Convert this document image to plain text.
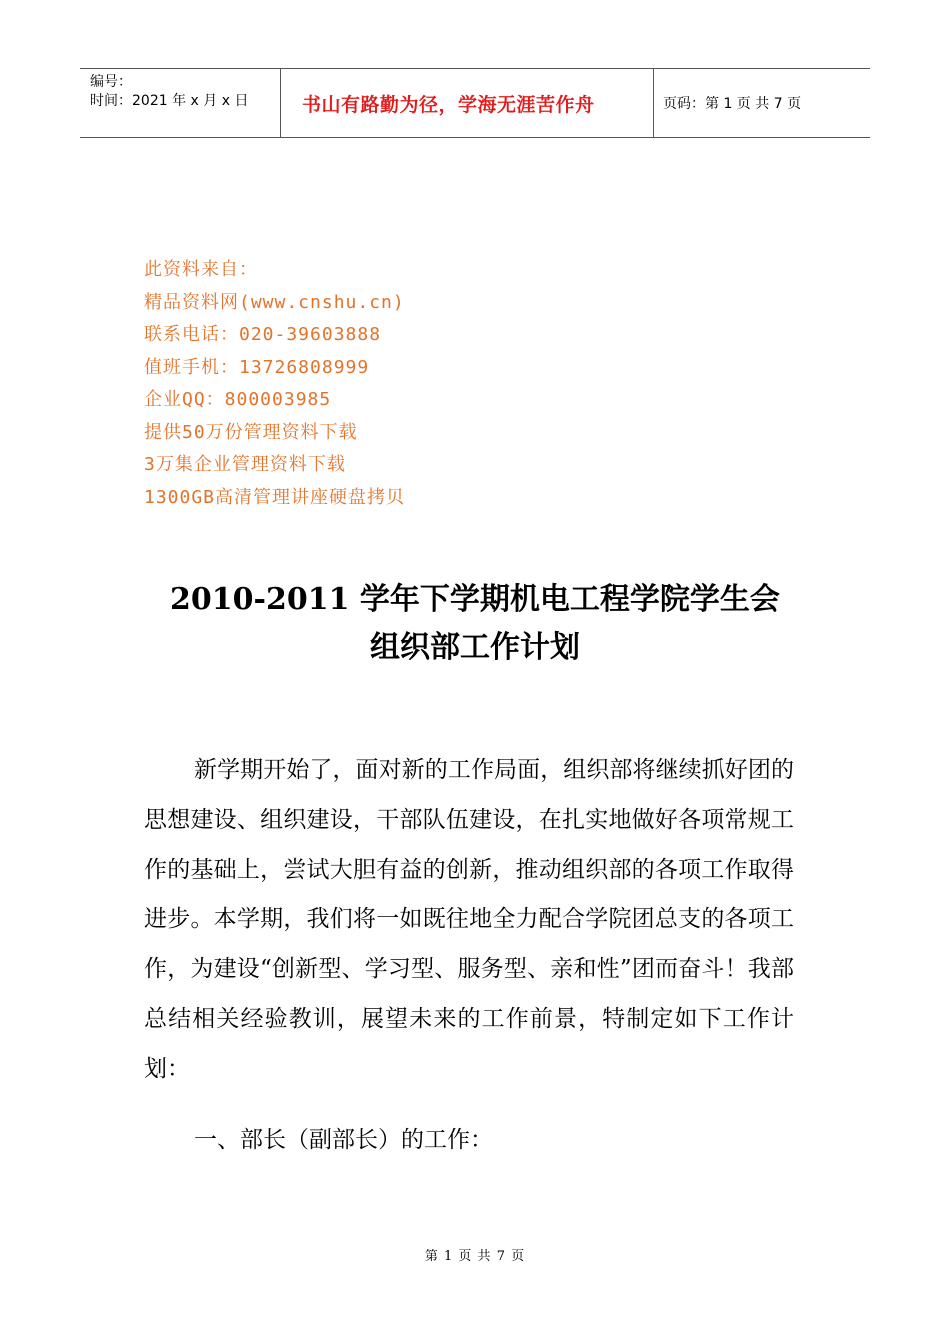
编号：
时间：2021 年 x 月 x 日	书山有路勤为径，学海无涯苦作舟	页码：第 1 页 共 7 页
此资料来自：
精品资料网(www.cnshu.cn)
联系电话：020-39603888
值班手机：13726808999
企业QQ：800003985
提供50万份管理资料下载
3万集企业管理资料下载
1300GB高清管理讲座硬盘拷贝
2010-2011 学年下学期机电工程学院学生会
组织部工作计划
新学期开始了，面对新的工作局面，组织部将继续抓好团的思想建设、组织建设，干部队伍建设，在扎实地做好各项常规工作的基础上，尝试大胆有益的创新，推动组织部的各项工作取得进步。本学期，我们将一如既往地全力配合学院团总支的各项工作，为建设“创新型、学习型、服务型、亲和性”团而奋斗！我部总结相关经验教训，展望未来的工作前景，特制定如下工作计划：
一、部长（副部长）的工作：
第 1 页 共 7 页
